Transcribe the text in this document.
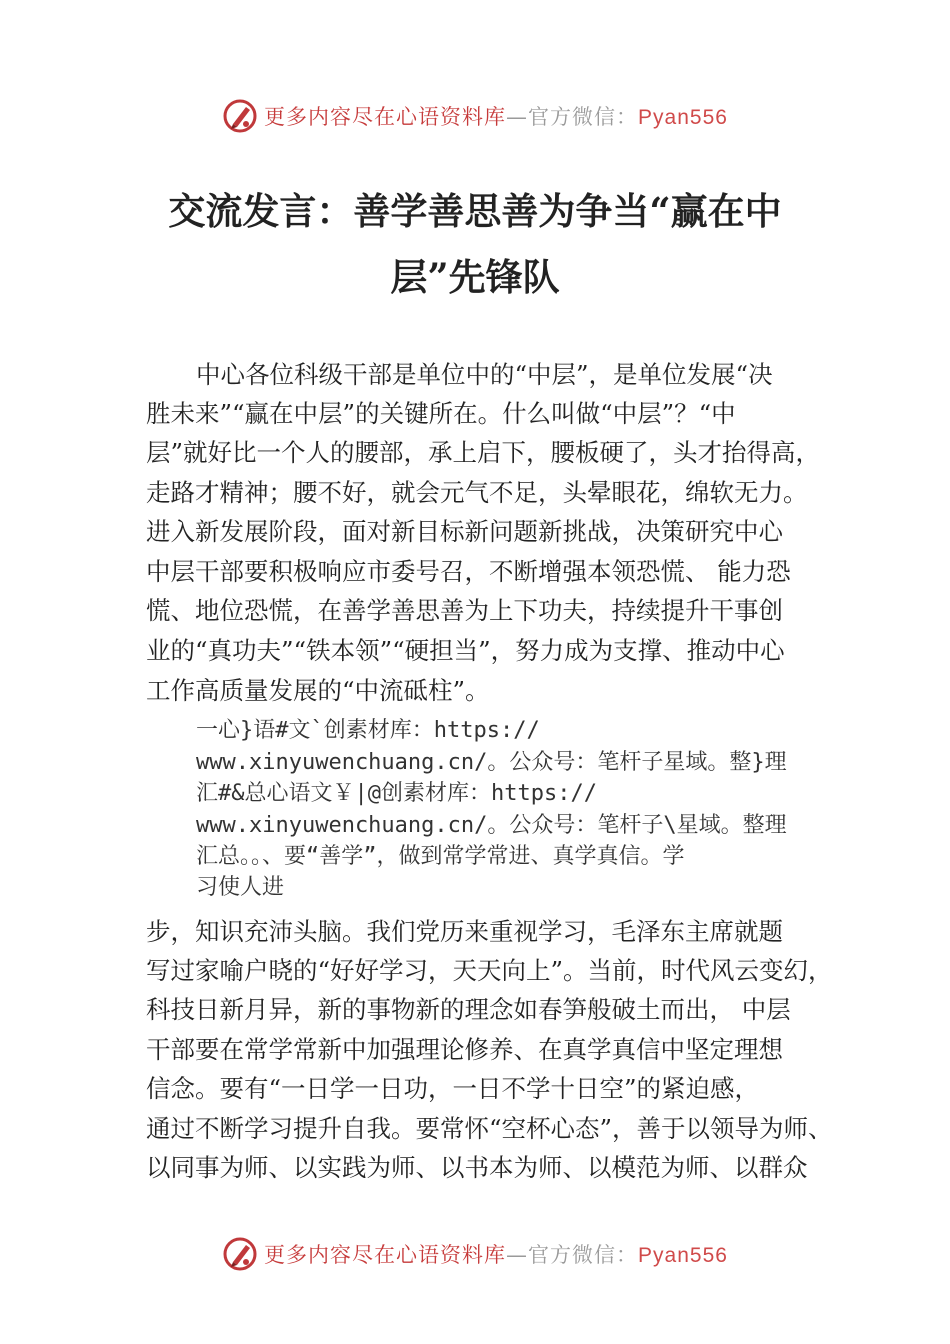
更多内容尽在心语资料库—官方微信：Pyan556
交流发言：善学善思善为争当“赢在中
层”先锋队
中心各位科级干部是单位中的“中层”，是单位发展“决
胜未来”“赢在中层”的关键所在。什么叫做“中层”？“中
层”就好比一个人的腰部，承上启下，腰板硬了，头才抬得高，
走路才精神；腰不好，就会元气不足，头晕眼花，绵软无力。
进入新发展阶段，面对新目标新问题新挑战，决策研究中心
中层干部要积极响应市委号召，不断增强本领恐慌、 能力恐
慌、地位恐慌，在善学善思善为上下功夫，持续提升干事创
业的“真功夫”“铁本领”“硬担当”，努力成为支撑、推动中心
工作高质量发展的“中流砥柱”。
一心}语#文`创素材库：https://
www.xinyuwenchuang.cn/。公众号：笔杆子星域。整}理
汇#&总心语文￥|@创素材库：https://
www.xinyuwenchuang.cn/。公众号：笔杆子\星域。整理
汇总。。、要“善学”，做到常学常进、真学真信。学
习使人进
步，知识充沛头脑。我们党历来重视学习，毛泽东主席就题
写过家喻户晓的“好好学习，天天向上”。当前，时代风云变幻，
科技日新月异，新的事物新的理念如春笋般破土而出， 中层
干部要在常学常新中加强理论修养、在真学真信中坚定理想
信念。要有“一日学一日功，一日不学十日空”的紧迫感，
通过不断学习提升自我。要常怀“空杯心态”，善于以领导为师、
以同事为师、以实践为师、以书本为师、以模范为师、以群众
更多内容尽在心语资料库—官方微信：Pyan556
